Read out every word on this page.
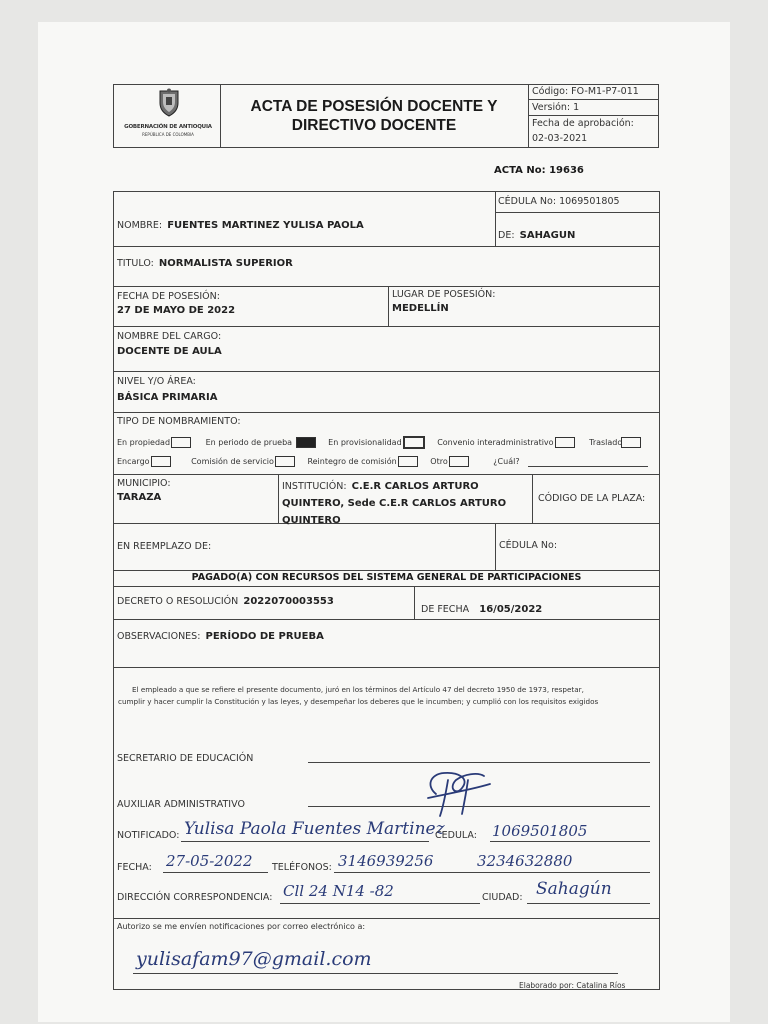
GOBERNACIÓN DE ANTIOQUIA
REPÚBLICA DE COLOMBIA
ACTA DE POSESIÓN DOCENTE Y
DIRECTIVO DOCENTE
Código: FO-M1-P7-011
Versión: 1
Fecha de aprobación:
02-03-2021
ACTA No: 19636
CÉDULA No: 1069501805
NOMBRE: FUENTES MARTINEZ YULISA PAOLA
DE: SAHAGUN
TITULO: NORMALISTA SUPERIOR
FECHA DE POSESIÓN:
27 DE MAYO DE 2022
LUGAR DE POSESIÓN:
MEDELLÍN
NOMBRE DEL CARGO:
DOCENTE DE AULA
NIVEL Y/O ÁREA:
BÁSICA PRIMARIA
TIPO DE NOMBRAMIENTO:
En propiedad	En periodo de prueba	En provisionalidad	Convenio interadministrativo	Traslado
Encargo	Comisión de servicio	Reintegro de comisión	Otro	¿Cuál?
MUNICIPIO:
TARAZA
INSTITUCIÓN: C.E.R CARLOS ARTURO
QUINTERO, Sede C.E.R CARLOS ARTURO
QUINTERO
CÓDIGO DE LA PLAZA:
EN REEMPLAZO DE:	CÉDULA No:
PAGADO(A) CON RECURSOS DEL SISTEMA GENERAL DE PARTICIPACIONES
DECRETO O RESOLUCIÓN 2022070003553
DE FECHA 16/05/2022
OBSERVACIONES: PERÍODO DE PRUEBA
El empleado a que se refiere el presente documento, juró en los términos del Artículo 47 del decreto 1950 de 1973, respetar,
cumplir y hacer cumplir la Constitución y las leyes, y desempeñar los deberes que le incumben; y cumplió con los requisitos exigidos
SECRETARIO DE EDUCACIÓN
AUXILIAR ADMINISTRATIVO
NOTIFICADO: Yulisa Paola Fuentes Martinez
CEDULA: 1069501805
FECHA: 27-05-2022 TELÉFONOS: 3146939256	3234632880
DIRECCIÓN CORRESPONDENCIA: Cll 24 N14 -82	CIUDAD: Sahagún
Autorizo se me envíen notificaciones por correo electrónico a:
yulisafam97@gmail.com
Elaborado por: Catalina Ríos
